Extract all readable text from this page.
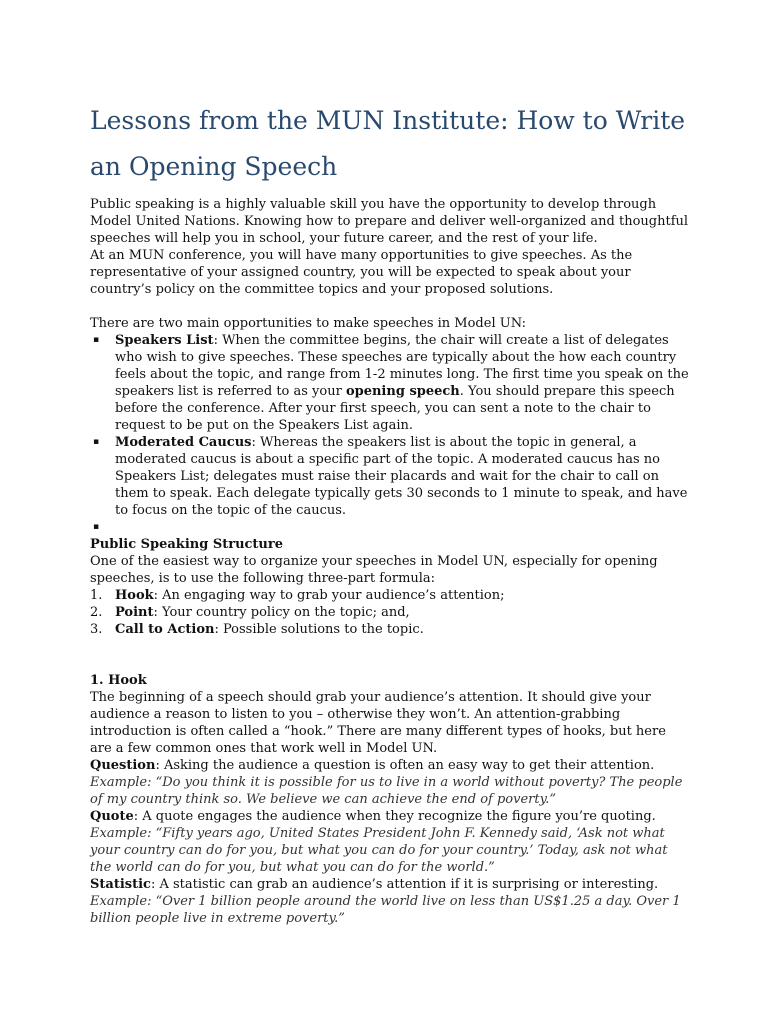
Lessons from the MUN Institute: How to Write an Opening Speech

Public speaking is a highly valuable skill you have the opportunity to develop through Model United Nations. Knowing how to prepare and deliver well-organized and thoughtful speeches will help you in school, your future career, and the rest of your life.

At an MUN conference, you will have many opportunities to give speeches. As the representative of your assigned country, you will be expected to speak about your country’s policy on the committee topics and your proposed solutions.

There are two main opportunities to make speeches in Model UN:

▪ Speakers List: When the committee begins, the chair will create a list of delegates who wish to give speeches. These speeches are typically about the how each country feels about the topic, and range from 1-2 minutes long. The first time you speak on the speakers list is referred to as your opening speech. You should prepare this speech before the conference. After your first speech, you can sent a note to the chair to request to be put on the Speakers List again.
▪ Moderated Caucus: Whereas the speakers list is about the topic in general, a moderated caucus is about a specific part of the topic. A moderated caucus has no Speakers List; delegates must raise their placards and wait for the chair to call on them to speak. Each delegate typically gets 30 seconds to 1 minute to speak, and have to focus on the topic of the caucus.
▪

Public Speaking Structure

One of the easiest way to organize your speeches in Model UN, especially for opening speeches, is to use the following three-part formula:

1. Hook: An engaging way to grab your audience’s attention;
2. Point: Your country policy on the topic; and,
3. Call to Action: Possible solutions to the topic.

1. Hook

The beginning of a speech should grab your audience’s attention. It should give your audience a reason to listen to you – otherwise they won’t. An attention-grabbing introduction is often called a “hook.” There are many different types of hooks, but here are a few common ones that work well in Model UN.

Question: Asking the audience a question is often an easy way to get their attention.

Example: “Do you think it is possible for us to live in a world without poverty? The people of my country think so. We believe we can achieve the end of poverty.”

Quote: A quote engages the audience when they recognize the figure you’re quoting.

Example: “Fifty years ago, United States President John F. Kennedy said, ‘Ask not what your country can do for you, but what you can do for your country.’ Today, ask not what the world can do for you, but what you can do for the world.”

Statistic: A statistic can grab an audience’s attention if it is surprising or interesting.

Example: “Over 1 billion people around the world live on less than US$1.25 a day. Over 1 billion people live in extreme poverty.”
